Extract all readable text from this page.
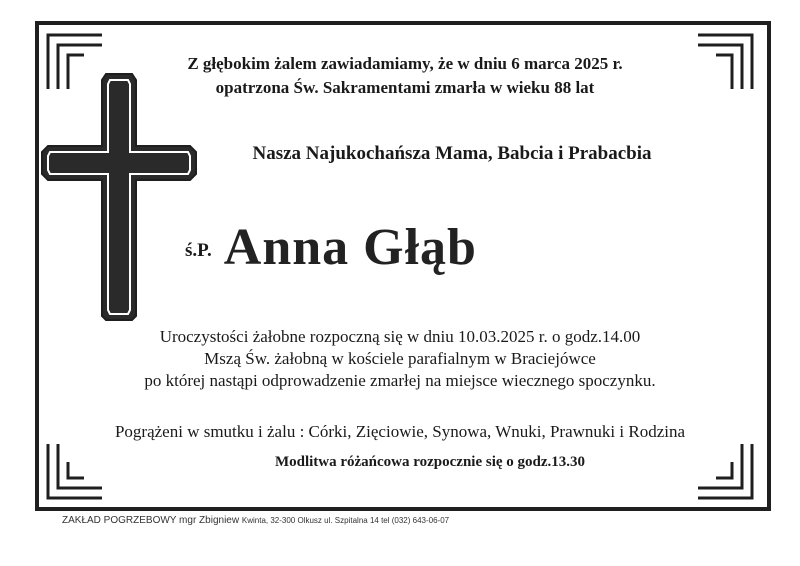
Z głębokim żalem zawiadamiamy, że w dniu 6 marca 2025 r.
opatrzona Św. Sakramentami zmarła w wieku 88 lat
Nasza Najukochańsza Mama, Babcia i Prabacbia
ś.P. Anna Głąb
Uroczystości żałobne rozpoczną się w dniu 10.03.2025 r. o godz.14.00
Mszą Św. żałobną w kościele parafialnym w Braciejówce
po której nastąpi odprowadzenie zmarłej na miejsce wiecznego spoczynku.
Pogrążeni w smutku i żalu : Córki, Zięciowie, Synowa, Wnuki, Prawnuki i Rodzina
Modlitwa różańcowa rozpocznie się o godz.13.30
ZAKŁAD POGRZEBOWY mgr Zbigniew Kwinta, 32-300 Olkusz ul. Szpitalna 14 tel (032) 643-06-07
